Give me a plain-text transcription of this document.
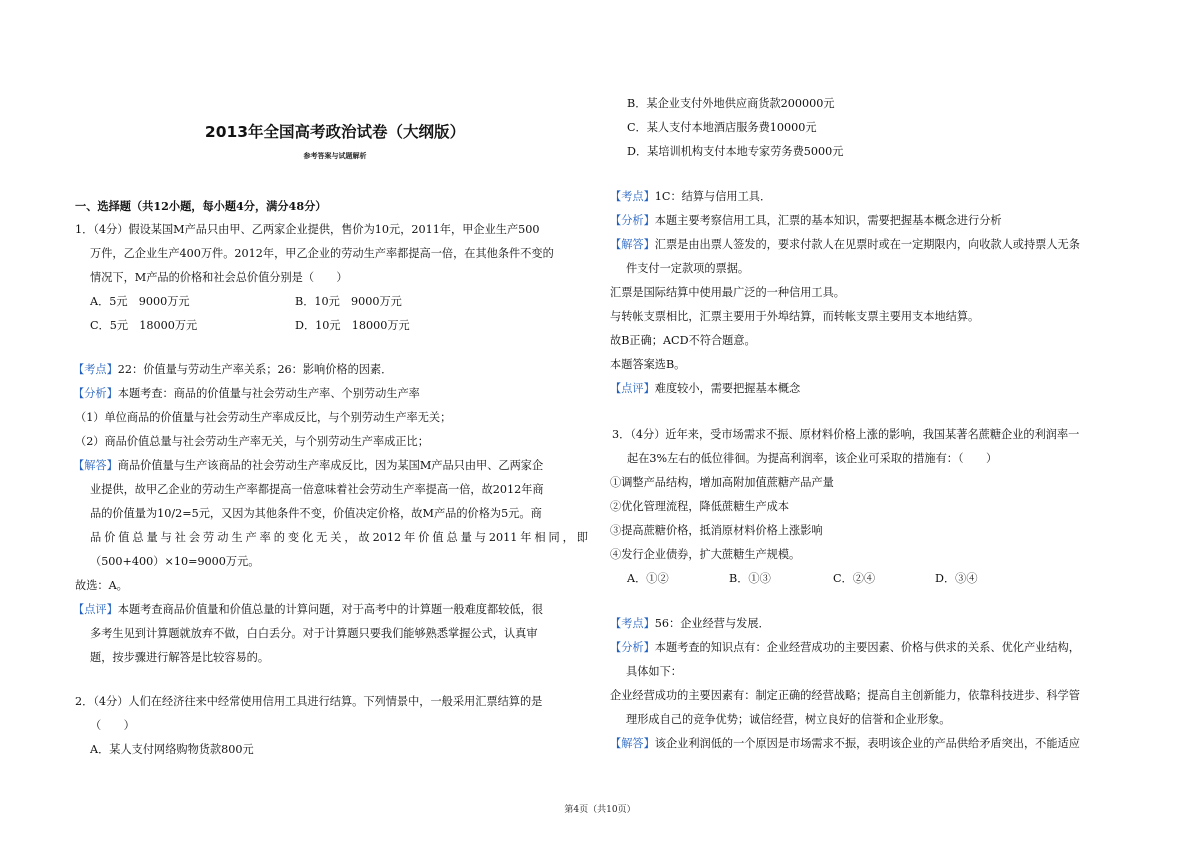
2013年全国高考政治试卷（大纲版）
参考答案与试题解析
一、选择题（共12小题，每小题4分，满分48分）
1．（4分）假设某国M产品只由甲、乙两家企业提供，售价为10元，2011年，甲企业生产500
万件，乙企业生产400万件。2012年，甲乙企业的劳动生产率都提高一倍，在其他条件不变的
情况下，M产品的价格和社会总价值分别是（　　）
A．5元　9000万元	B．10元　9000万元
C．5元　18000万元	D．10元　18000万元
【考点】22：价值量与劳动生产率关系；26：影响价格的因素．
【分析】本题考查：商品的价值量与社会劳动生产率、个别劳动生产率
（1）单位商品的价值量与社会劳动生产率成反比，与个别劳动生产率无关；
（2）商品价值总量与社会劳动生产率无关，与个别劳动生产率成正比；
【解答】商品价值量与生产该商品的社会劳动生产率成反比，因为某国M产品只由甲、乙两家企
业提供，故甲乙企业的劳动生产率都提高一倍意味着社会劳动生产率提高一倍，故2012年商
品的价值量为10/2=5元，又因为其他条件不变，价值决定价格，故M产品的价格为5元。商
品价值总量与社会劳动生产率的变化无关，故2012年价值总量与2011年相同，即
（500+400）×10=9000万元。
故选：A。
【点评】本题考查商品价值量和价值总量的计算问题，对于高考中的计算题一般难度都较低，很
多考生见到计算题就放弃不做，白白丢分。对于计算题只要我们能够熟悉掌握公式，认真审
题，按步骤进行解答是比较容易的。
2．（4分）人们在经济往来中经常使用信用工具进行结算。下列情景中，一般采用汇票结算的是
（　　）
A．某人支付网络购物货款800元
B．某企业支付外地供应商货款200000元
C．某人支付本地酒店服务费10000元
D．某培训机构支付本地专家劳务费5000元
【考点】1C：结算与信用工具．
【分析】本题主要考察信用工具，汇票的基本知识，需要把握基本概念进行分析
【解答】汇票是由出票人签发的，要求付款人在见票时或在一定期限内，向收款人或持票人无条
件支付一定款项的票据。
汇票是国际结算中使用最广泛的一种信用工具。
与转帐支票相比，汇票主要用于外埠结算，而转帐支票主要用支本地结算。
故B正确；ACD不符合题意。
本题答案选B。
【点评】难度较小，需要把握基本概念
3．（4分）近年来，受市场需求不振、原材料价格上涨的影响，我国某著名蔗糖企业的利润率一
起在3%左右的低位徘徊。为提高利润率，该企业可采取的措施有：（　　）
①调整产品结构，增加高附加值蔗糖产品产量
②优化管理流程，降低蔗糖生产成本
③提高蔗糖价格，抵消原材料价格上涨影响
④发行企业债券，扩大蔗糖生产规模。
A．①②	B．①③	C．②④	D．③④
【考点】56：企业经营与发展．
【分析】本题考查的知识点有：企业经营成功的主要因素、价格与供求的关系、优化产业结构，
具体如下：
企业经营成功的主要因素有：制定正确的经营战略；提高自主创新能力，依靠科技进步、科学管
理形成自己的竞争优势；诚信经营，树立良好的信誉和企业形象。
【解答】该企业利润低的一个原因是市场需求不振，表明该企业的产品供给矛盾突出，不能适应
第4页（共10页）
